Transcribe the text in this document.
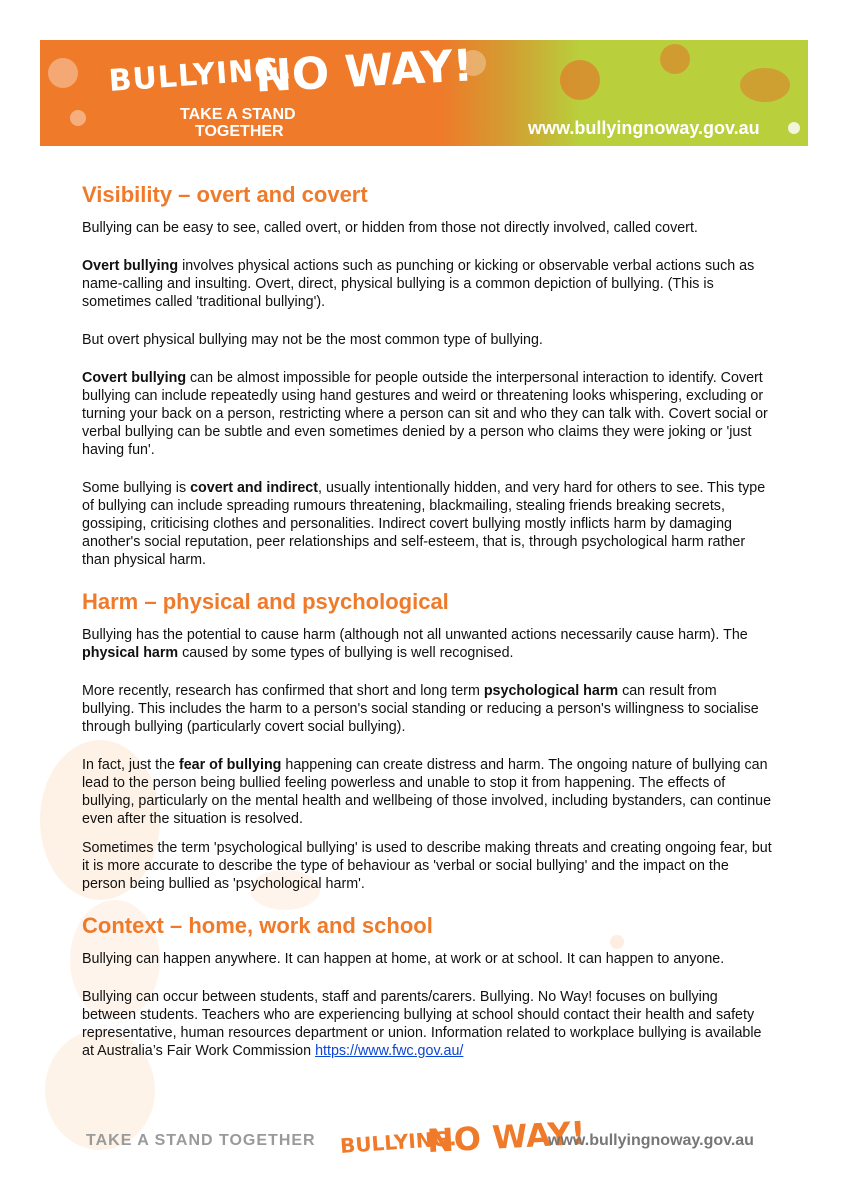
BULLYING.
NO WAY!
TAKE A STAND
TOGETHER	www.bullyingnoway.gov.au
Visibility – overt and covert

Bullying can be easy to see, called overt, or hidden from those not directly involved, called covert.

Overt bullying involves physical actions such as punching or kicking or observable verbal actions such as name-calling and insulting. Overt, direct, physical bullying is a common depiction of bullying. (This is sometimes called 'traditional bullying').

But overt physical bullying may not be the most common type of bullying.

Covert bullying can be almost impossible for people outside the interpersonal interaction to identify. Covert bullying can include repeatedly using hand gestures and weird or threatening looks whispering, excluding or turning your back on a person, restricting where a person can sit and who they can talk with. Covert social or verbal bullying can be subtle and even sometimes denied by a person who claims they were joking or 'just having fun'.

Some bullying is covert and indirect, usually intentionally hidden, and very hard for others to see. This type of bullying can include spreading rumours threatening, blackmailing, stealing friends breaking secrets, gossiping, criticising clothes and personalities. Indirect covert bullying mostly inflicts harm by damaging another's social reputation, peer relationships and self-esteem, that is, through psychological harm rather than physical harm.

Harm – physical and psychological

Bullying has the potential to cause harm (although not all unwanted actions necessarily cause harm). The physical harm caused by some types of bullying is well recognised.

More recently, research has confirmed that short and long term psychological harm can result from bullying. This includes the harm to a person's social standing or reducing a person's willingness to socialise through bullying (particularly covert social bullying).

In fact, just the fear of bullying happening can create distress and harm. The ongoing nature of bullying can lead to the person being bullied feeling powerless and unable to stop it from happening. The effects of bullying, particularly on the mental health and wellbeing of those involved, including bystanders, can continue even after the situation is resolved.

Sometimes the term 'psychological bullying' is used to describe making threats and creating ongoing fear, but it is more accurate to describe the type of behaviour as 'verbal or social bullying' and the impact on the person being bullied as 'psychological harm'.

Context – home, work and school

Bullying can happen anywhere. It can happen at home, at work or at school. It can happen to anyone.

Bullying can occur between students, staff and parents/carers. Bullying. No Way! focuses on bullying between students. Teachers who are experiencing bullying at school should contact their health and safety representative, human resources department or union. Information related to workplace bullying is available at Australia’s Fair Work Commission https://www.fwc.gov.au/

TAKE A STAND TOGETHER BULLYING.
NO WAY!
www.bullyingnoway.gov.au
